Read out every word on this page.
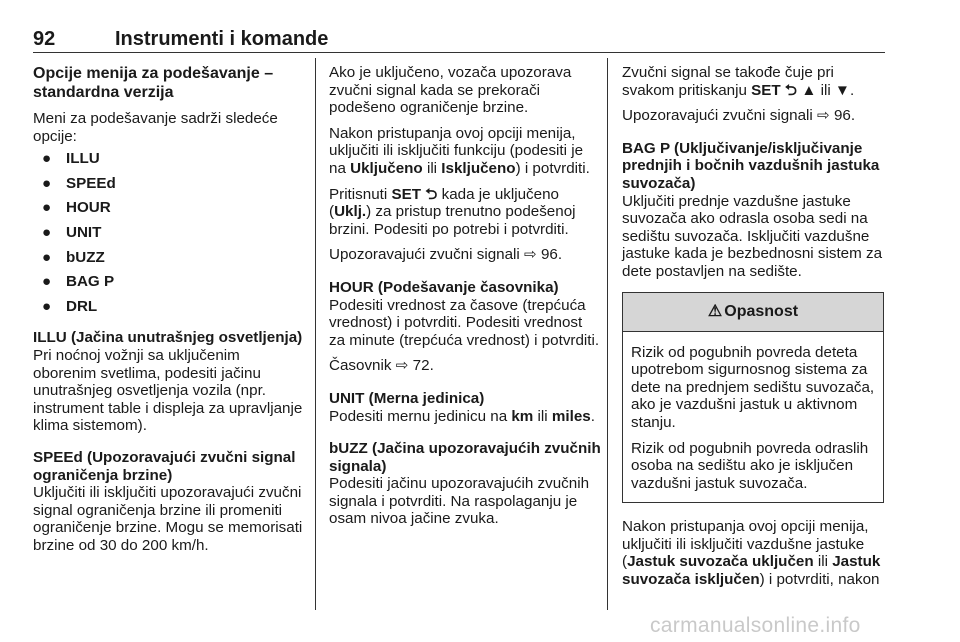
92	Instrumenti i komande

Opcije menija za podešavanje – standardna verzija

Meni za podešavanje sadrži sledeće opcije:

● ILLU
● SPEEd
● HOUR
● UNIT
● bUZZ
● BAG P
● DRL

ILLU (Jačina unutrašnjeg osvetljenja)

Pri noćnoj vožnji sa uključenim oborenim svetlima, podesiti jačinu unutrašnjeg osvetljenja vozila (npr. instrument table i displeja za upravljanje klima sistemom).

SPEEd (Upozoravajući zvučni signal ograničenja brzine)

Uključiti ili isključiti upozoravajući zvučni signal ograničenja brzine ili promeniti ograničenje brzine. Mogu se memorisati brzine od 30 do 200 km/h.

Ako je uključeno, vozača upozorava zvučni signal kada se prekorači podešeno ograničenje brzine.

Nakon pristupanja ovoj opciji menija, uključiti ili isključiti funkciju (podesiti je na Uključeno ili Isključeno) i potvrditi.

Pritisnuti SET ⮌ kada je uključeno (Uklj.) za pristup trenutno podešenoj brzini. Podesiti po potrebi i potvrditi.

Upozoravajući zvučni signali ⇨ 96.

HOUR (Podešavanje časovnika)

Podesiti vrednost za časove (trepćuća vrednost) i potvrditi. Podesiti vrednost za minute (trepćuća vrednost) i potvrditi.

Časovnik ⇨ 72.

UNIT (Merna jedinica)

Podesiti mernu jedinicu na km ili miles.

bUZZ (Jačina upozoravajućih zvučnih signala)

Podesiti jačinu upozoravajućih zvučnih signala i potvrditi. Na raspolaganju je osam nivoa jačine zvuka.

Zvučni signal se takođe čuje pri svakom pritiskanju SET ⮌ ▲ ili ▼.

Upozoravajući zvučni signali ⇨ 96.

BAG P (Uključivanje/isključivanje prednjih i bočnih vazdušnih jastuka suvozača)

Uključiti prednje vazdušne jastuke suvozača ako odrasla osoba sedi na sedištu suvozača. Isključiti vazdušne jastuke kada je bezbednosni sistem za dete postavljen na sedište.

⚠ Opasnost

Rizik od pogubnih povreda deteta upotrebom sigurnosnog sistema za dete na prednjem sedištu suvozača, ako je vazdušni jastuk u aktivnom stanju.

Rizik od pogubnih povreda odraslih osoba na sedištu ako je isključen vazdušni jastuk suvozača.

Nakon pristupanja ovoj opciji menija, uključiti ili isključiti vazdušne jastuke (Jastuk suvozača uključen ili Jastuk suvozača isključen) i potvrditi, nakon

carmanualsonline.info
